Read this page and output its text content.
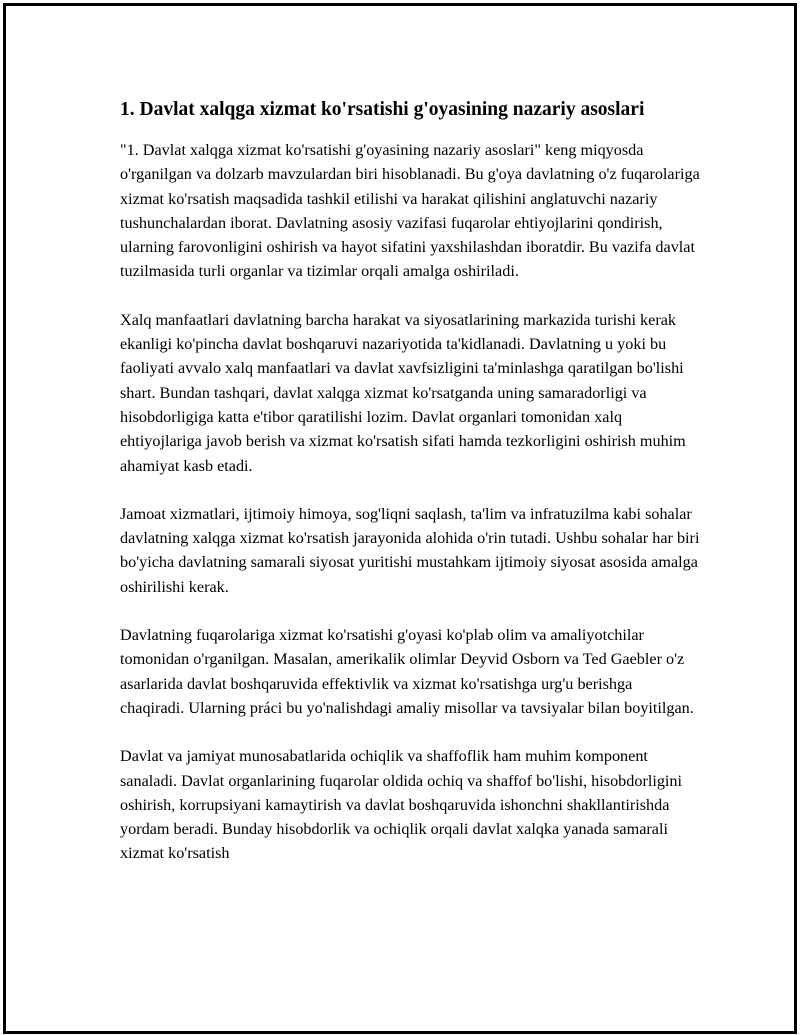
1. Davlat xalqga xizmat ko'rsatishi g'oyasining nazariy asoslari

"1. Davlat xalqga xizmat ko'rsatishi g'oyasining nazariy asoslari" keng miqyosda o'rganilgan va dolzarb mavzulardan biri hisoblanadi. Bu g'oya davlatning o'z fuqarolariga xizmat ko'rsatish maqsadida tashkil etilishi va harakat qilishini anglatuvchi nazariy tushunchalardan iborat. Davlatning asosiy vazifasi fuqarolar ehtiyojlarini qondirish, ularning farovonligini oshirish va hayot sifatini yaxshilashdan iboratdir. Bu vazifa davlat tuzilmasida turli organlar va tizimlar orqali amalga oshiriladi.

Xalq manfaatlari davlatning barcha harakat va siyosatlarining markazida turishi kerak ekanligi ko'pincha davlat boshqaruvi nazariyotida ta'kidlanadi. Davlatning u yoki bu faoliyati avvalo xalq manfaatlari va davlat xavfsizligini ta'minlashga qaratilgan bo'lishi shart. Bundan tashqari, davlat xalqga xizmat ko'rsatganda uning samaradorligi va hisobdorligiga katta e'tibor qaratilishi lozim. Davlat organlari tomonidan xalq ehtiyojlariga javob berish va xizmat ko'rsatish sifati hamda tezkorligini oshirish muhim ahamiyat kasb etadi.

Jamoat xizmatlari, ijtimoiy himoya, sog'liqni saqlash, ta'lim va infratuzilma kabi sohalar davlatning xalqga xizmat ko'rsatish jarayonida alohida o'rin tutadi. Ushbu sohalar har biri bo'yicha davlatning samarali siyosat yuritishi mustahkam ijtimoiy siyosat asosida amalga oshirilishi kerak.

Davlatning fuqarolariga xizmat ko'rsatishi g'oyasi ko'plab olim va amaliyotchilar tomonidan o'rganilgan. Masalan, amerikalik olimlar Deyvid Osborn va Ted Gaebler o'z asarlarida davlat boshqaruvida effektivlik va xizmat ko'rsatishga urg'u berishga chaqiradi. Ularning práci bu yo'nalishdagi amaliy misollar va tavsiyalar bilan boyitilgan.

Davlat va jamiyat munosabatlarida ochiqlik va shaffoflik ham muhim komponent sanaladi. Davlat organlarining fuqarolar oldida ochiq va shaffof bo'lishi, hisobdorligini oshirish, korrupsiyani kamaytirish va davlat boshqaruvida ishonchni shakllantirishda yordam beradi. Bunday hisobdorlik va ochiqlik orqali davlat xalqka yanada samarali xizmat ko'rsatish
